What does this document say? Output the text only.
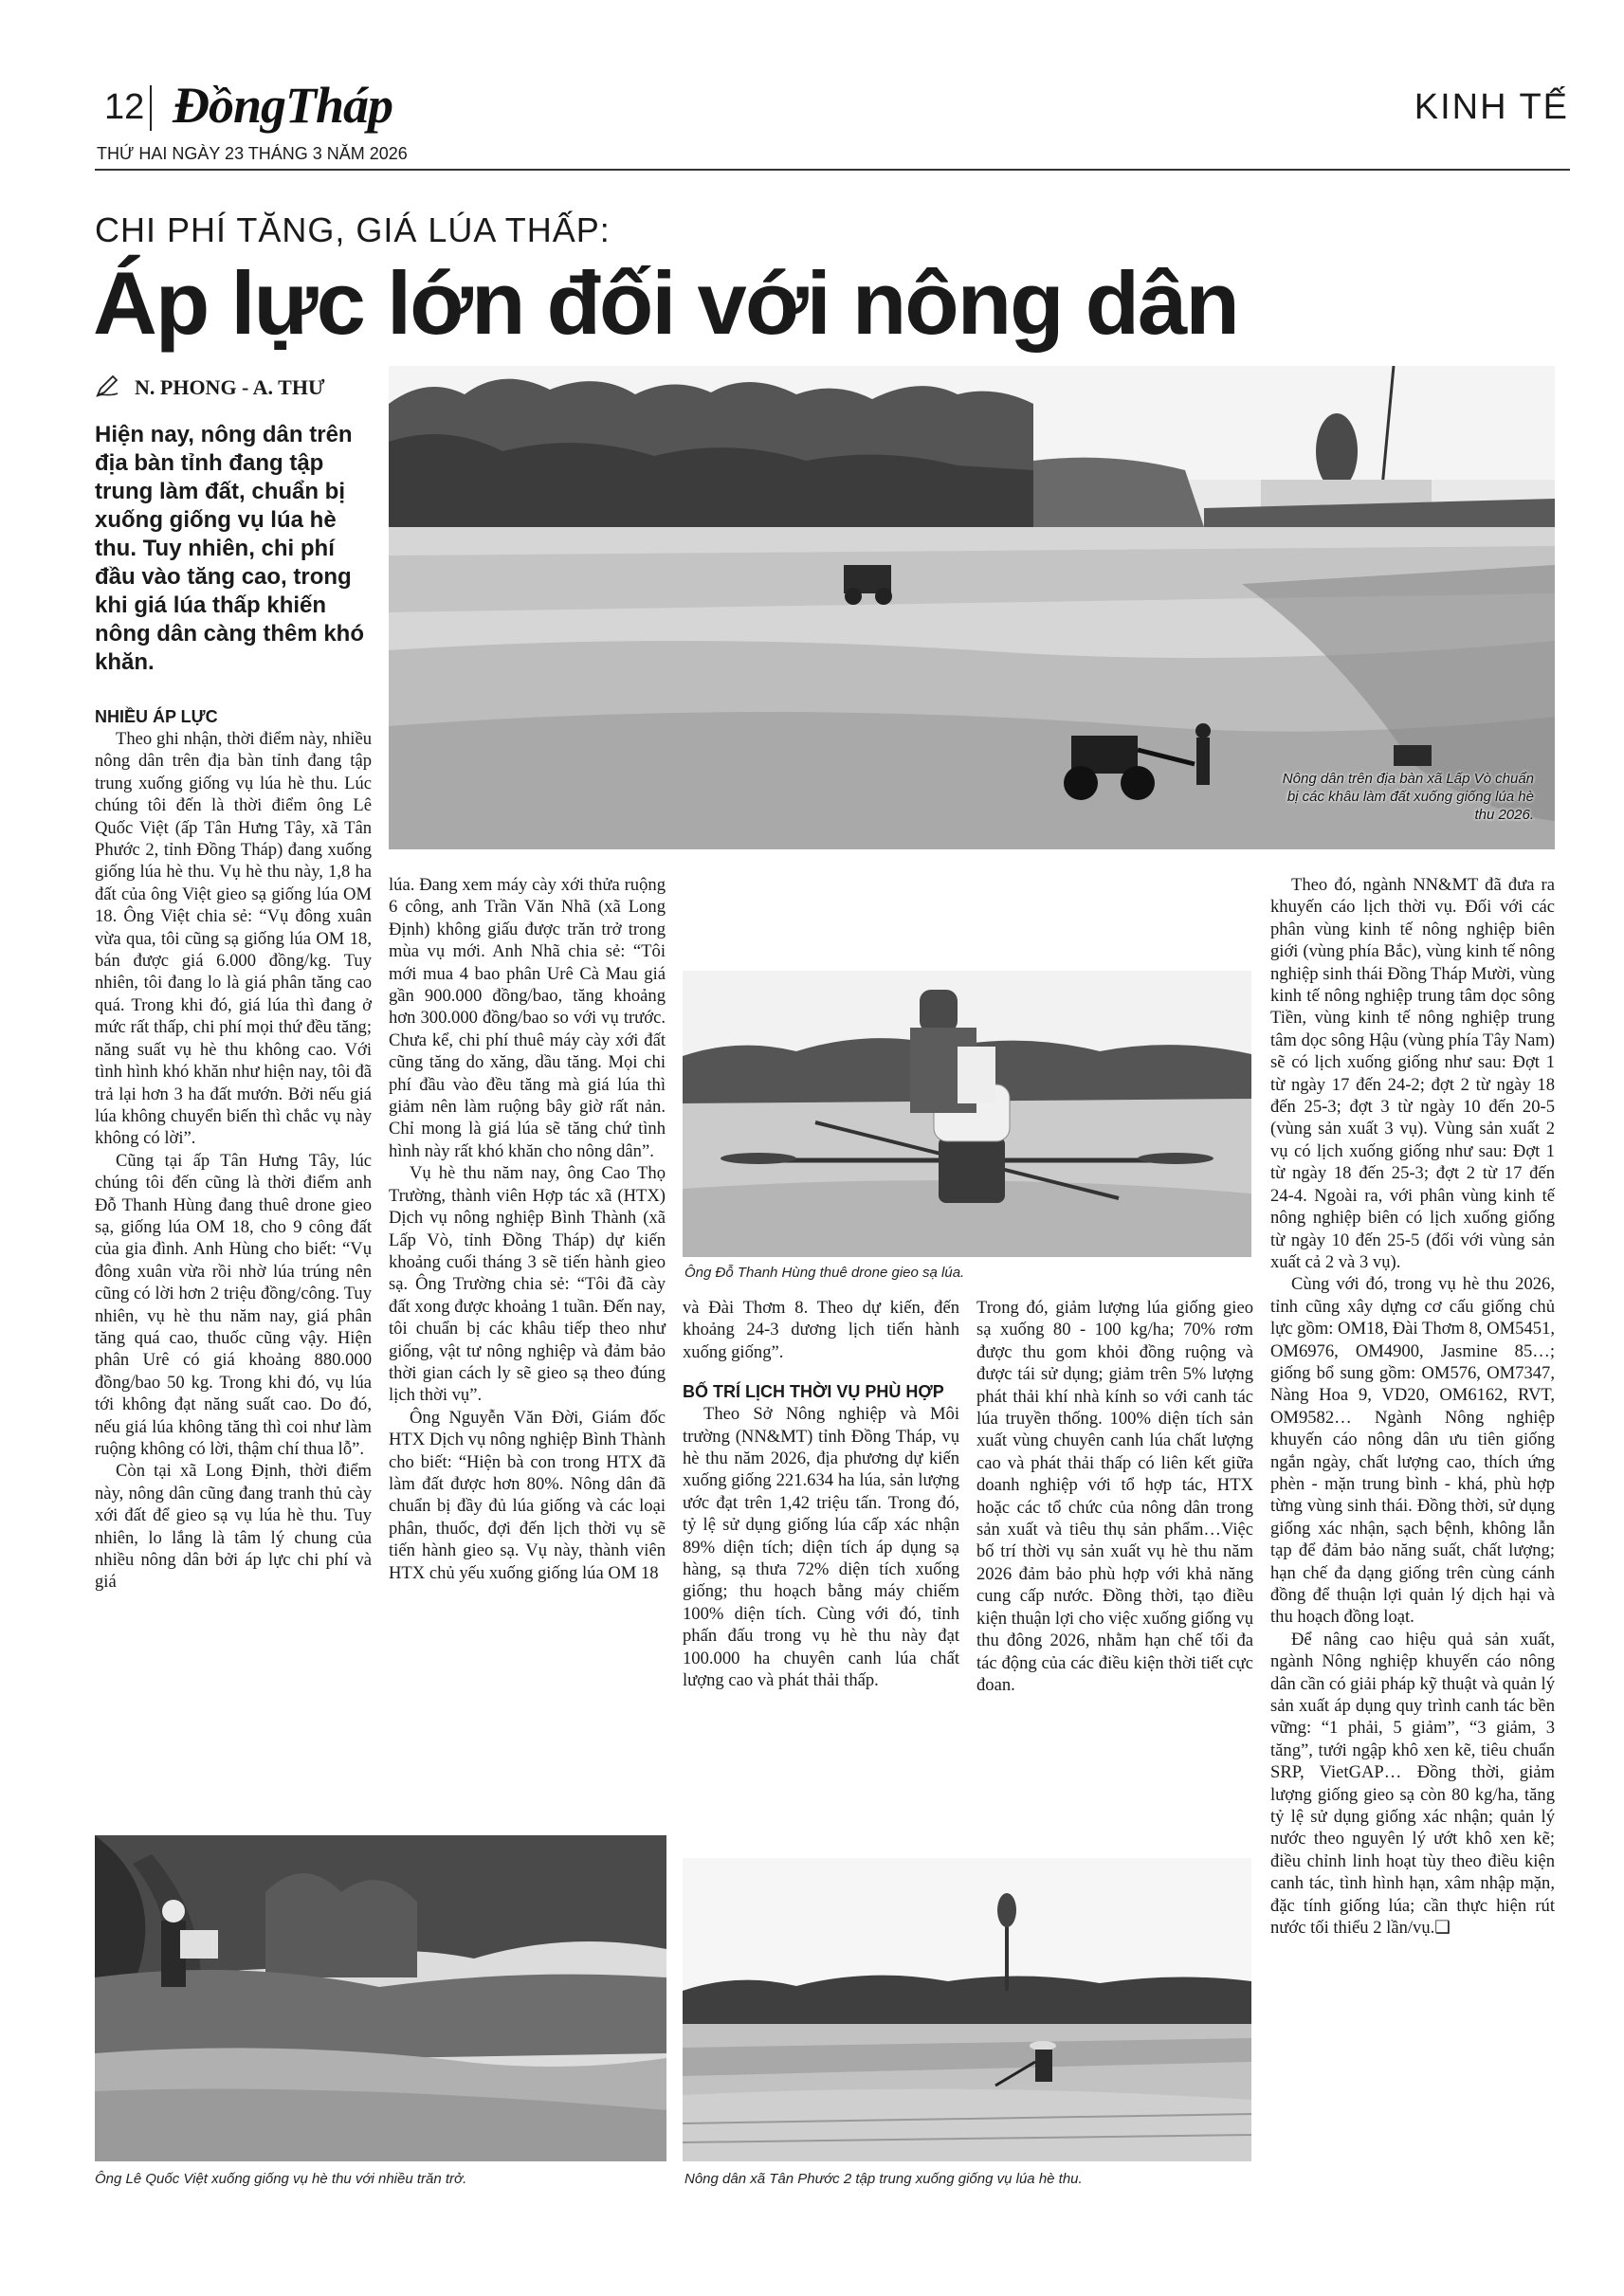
12 ĐồngTháp	KINH TẾ
THỨ HAI NGÀY 23 THÁNG 3 NĂM 2026
CHI PHÍ TĂNG, GIÁ LÚA THẤP:
Áp lực lớn đối với nông dân
N. PHONG - A. THƯ
Hiện nay, nông dân trên địa bàn tỉnh đang tập trung làm đất, chuẩn bị xuống giống vụ lúa hè thu. Tuy nhiên, chi phí đầu vào tăng cao, trong khi giá lúa thấp khiến nông dân càng thêm khó khăn.
Nông dân trên địa bàn xã Lấp Vò chuẩn bị các khâu làm đất xuống giống lúa hè thu 2026.

NHIỀU ÁP LỰC

Theo ghi nhận, thời điểm này, nhiều nông dân trên địa bàn tỉnh đang tập trung xuống giống vụ lúa hè thu. Lúc chúng tôi đến là thời điểm ông Lê Quốc Việt (ấp Tân Hưng Tây, xã Tân Phước 2, tỉnh Đồng Tháp) đang xuống giống lúa hè thu. Vụ hè thu này, 1,8 ha đất của ông Việt gieo sạ giống lúa OM 18. Ông Việt chia sẻ: “Vụ đông xuân vừa qua, tôi cũng sạ giống lúa OM 18, bán được giá 6.000 đồng/kg. Tuy nhiên, tôi đang lo là giá phân tăng cao quá. Trong khi đó, giá lúa thì đang ở mức rất thấp, chi phí mọi thứ đều tăng; năng suất vụ hè thu không cao. Với tình hình khó khăn như hiện nay, tôi đã trả lại hơn 3 ha đất mướn. Bởi nếu giá lúa không chuyển biến thì chắc vụ này không có lời”.

Cũng tại ấp Tân Hưng Tây, lúc chúng tôi đến cũng là thời điểm anh Đỗ Thanh Hùng đang thuê drone gieo sạ, giống lúa OM 18, cho 9 công đất của gia đình. Anh Hùng cho biết: “Vụ đông xuân vừa rồi nhờ lúa trúng nên cũng có lời hơn 2 triệu đồng/công. Tuy nhiên, vụ hè thu năm nay, giá phân tăng quá cao, thuốc cũng vậy. Hiện phân Urê có giá khoảng 880.000 đồng/bao 50 kg. Trong khi đó, vụ lúa tới không đạt năng suất cao. Do đó, nếu giá lúa không tăng thì coi như làm ruộng không có lời, thậm chí thua lỗ”.

Còn tại xã Long Định, thời điểm này, nông dân cũng đang tranh thủ cày xới đất để gieo sạ vụ lúa hè thu. Tuy nhiên, lo lắng là tâm lý chung của nhiều nông dân bởi áp lực chi phí và giá

lúa. Đang xem máy cày xới thửa ruộng 6 công, anh Trần Văn Nhã (xã Long Định) không giấu được trăn trở trong mùa vụ mới. Anh Nhã chia sẻ: “Tôi mới mua 4 bao phân Urê Cà Mau giá gần 900.000 đồng/bao, tăng khoảng hơn 300.000 đồng/bao so với vụ trước. Chưa kể, chi phí thuê máy cày xới đất cũng tăng do xăng, dầu tăng. Mọi chi phí đầu vào đều tăng mà giá lúa thì giảm nên làm ruộng bây giờ rất nản. Chỉ mong là giá lúa sẽ tăng chứ tình hình này rất khó khăn cho nông dân”.

Vụ hè thu năm nay, ông Cao Thọ Trường, thành viên Hợp tác xã (HTX) Dịch vụ nông nghiệp Bình Thành (xã Lấp Vò, tỉnh Đồng Tháp) dự kiến khoảng cuối tháng 3 sẽ tiến hành gieo sạ. Ông Trường chia sẻ: “Tôi đã cày đất xong được khoảng 1 tuần. Đến nay, tôi chuẩn bị các khâu tiếp theo như giống, vật tư nông nghiệp và đảm bảo thời gian cách ly sẽ gieo sạ theo đúng lịch thời vụ”.

Ông Nguyễn Văn Đời, Giám đốc HTX Dịch vụ nông nghiệp Bình Thành cho biết: “Hiện bà con trong HTX đã làm đất được hơn 80%. Nông dân đã chuẩn bị đầy đủ lúa giống và các loại phân, thuốc, đợi đến lịch thời vụ sẽ tiến hành gieo sạ. Vụ này, thành viên HTX chủ yếu xuống giống lúa OM 18

Ông Đỗ Thanh Hùng thuê drone gieo sạ lúa.

và Đài Thơm 8. Theo dự kiến, đến khoảng 24-3 dương lịch tiến hành xuống giống”.

BỐ TRÍ LỊCH THỜI VỤ PHÙ HỢP

Theo Sở Nông nghiệp và Môi trường (NN&MT) tỉnh Đồng Tháp, vụ hè thu năm 2026, địa phương dự kiến xuống giống 221.634 ha lúa, sản lượng ước đạt trên 1,42 triệu tấn. Trong đó, tỷ lệ sử dụng giống lúa cấp xác nhận 89% diện tích; diện tích áp dụng sạ hàng, sạ thưa 72% diện tích xuống giống; thu hoạch bằng máy chiếm 100% diện tích. Cùng với đó, tỉnh phấn đấu trong vụ hè thu này đạt 100.000 ha chuyên canh lúa chất lượng cao và phát thải thấp.

Trong đó, giảm lượng lúa giống gieo sạ xuống 80 - 100 kg/ha; 70% rơm được thu gom khỏi đồng ruộng và được tái sử dụng; giảm trên 5% lượng phát thải khí nhà kính so với canh tác lúa truyền thống. 100% diện tích sản xuất vùng chuyên canh lúa chất lượng cao và phát thải thấp có liên kết giữa doanh nghiệp với tổ hợp tác, HTX hoặc các tổ chức của nông dân trong sản xuất và tiêu thụ sản phẩm…Việc bố trí thời vụ sản xuất vụ hè thu năm 2026 đảm bảo phù hợp với khả năng cung cấp nước. Đồng thời, tạo điều kiện thuận lợi cho việc xuống giống vụ thu đông 2026, nhằm hạn chế tối đa tác động của các điều kiện thời tiết cực đoan.

Theo đó, ngành NN&MT đã đưa ra khuyến cáo lịch thời vụ. Đối với các phân vùng kinh tế nông nghiệp biên giới (vùng phía Bắc), vùng kinh tế nông nghiệp sinh thái Đồng Tháp Mười, vùng kinh tế nông nghiệp trung tâm dọc sông Tiền, vùng kinh tế nông nghiệp trung tâm dọc sông Hậu (vùng phía Tây Nam) sẽ có lịch xuống giống như sau: Đợt 1 từ ngày 17 đến 24-2; đợt 2 từ ngày 18 đến 25-3; đợt 3 từ ngày 10 đến 20-5 (vùng sản xuất 3 vụ). Vùng sản xuất 2 vụ có lịch xuống giống như sau: Đợt 1 từ ngày 18 đến 25-3; đợt 2 từ 17 đến 24-4. Ngoài ra, với phân vùng kinh tế nông nghiệp biên có lịch xuống giống từ ngày 10 đến 25-5 (đối với vùng sản xuất cả 2 và 3 vụ).

Cùng với đó, trong vụ hè thu 2026, tỉnh cũng xây dựng cơ cấu giống chủ lực gồm: OM18, Đài Thơm 8, OM5451, OM6976, OM4900, Jasmine 85…; giống bổ sung gồm: OM576, OM7347, Nàng Hoa 9, VD20, OM6162, RVT, OM9582… Ngành Nông nghiệp khuyến cáo nông dân ưu tiên giống ngắn ngày, chất lượng cao, thích ứng phèn - mặn trung bình - khá, phù hợp từng vùng sinh thái. Đồng thời, sử dụng giống xác nhận, sạch bệnh, không lẫn tạp để đảm bảo năng suất, chất lượng; hạn chế đa dạng giống trên cùng cánh đồng để thuận lợi quản lý dịch hại và thu hoạch đồng loạt.

Để nâng cao hiệu quả sản xuất, ngành Nông nghiệp khuyến cáo nông dân cần có giải pháp kỹ thuật và quản lý sản xuất áp dụng quy trình canh tác bền vững: “1 phải, 5 giảm”, “3 giảm, 3 tăng”, tưới ngập khô xen kẽ, tiêu chuẩn SRP, VietGAP… Đồng thời, giảm lượng giống gieo sạ còn 80 kg/ha, tăng tỷ lệ sử dụng giống xác nhận; quản lý nước theo nguyên lý ướt khô xen kẽ; điều chỉnh linh hoạt tùy theo điều kiện canh tác, tình hình hạn, xâm nhập mặn, đặc tính giống lúa; cần thực hiện rút nước tối thiểu 2 lần/vụ.❑

Ông Lê Quốc Việt xuống giống vụ hè thu với nhiều trăn trở.	Nông dân xã Tân Phước 2 tập trung xuống giống vụ lúa hè thu.
